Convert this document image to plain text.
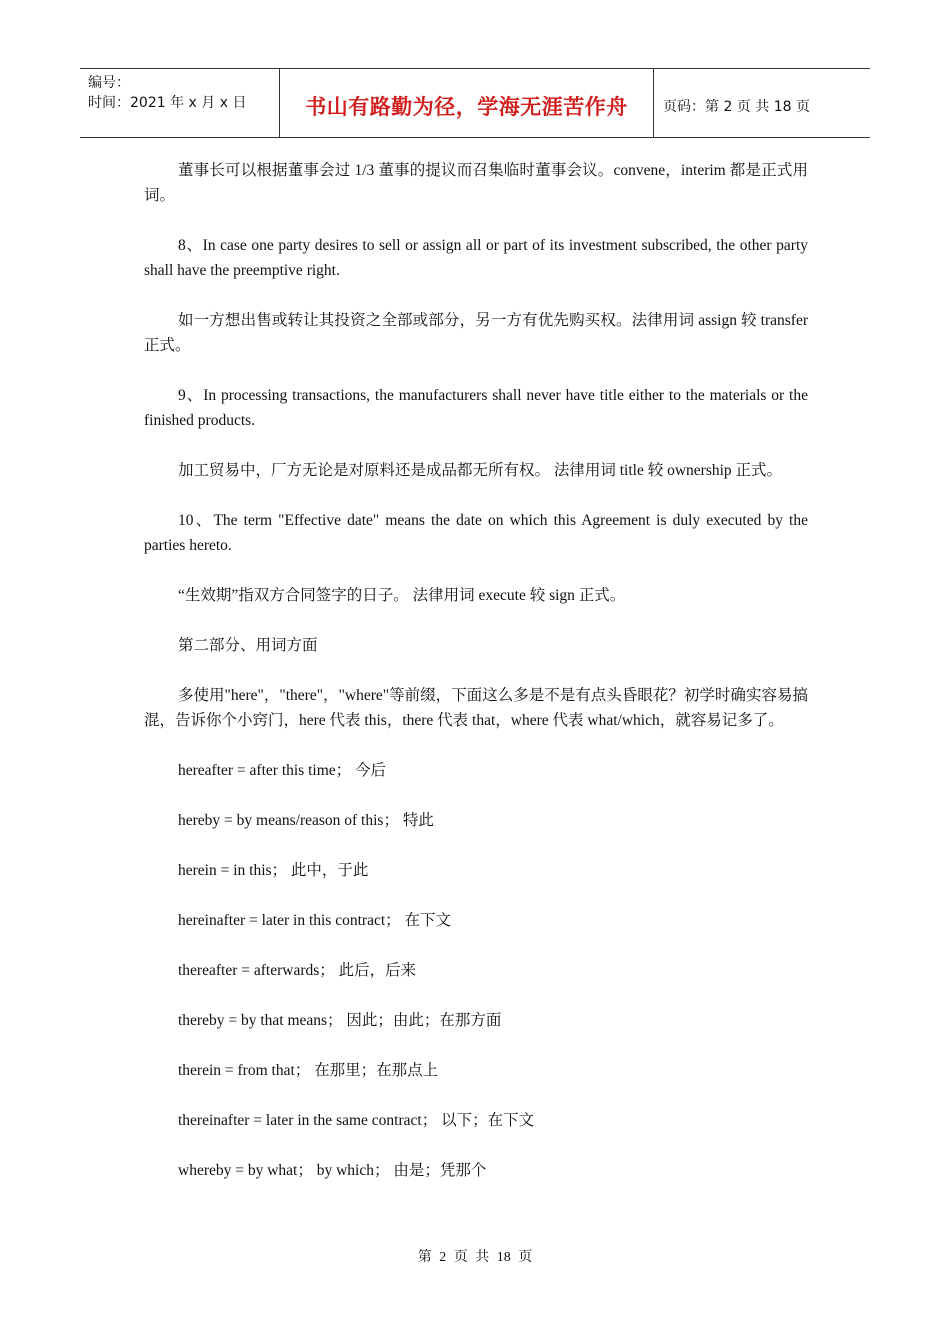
编号：
时间：2021 年 x 月 x 日	书山有路勤为径，学海无涯苦作舟	页码：第 2 页 共 18 页

董事长可以根据董事会过 1/3 董事的提议而召集临时董事会议。convene，interim 都是正式用词。

8、In case one party desires to sell or assign all or part of its investment subscribed, the other party shall have the preemptive right.

如一方想出售或转让其投资之全部或部分，另一方有优先购买权。法律用词 assign 较 transfer 正式。

9、In processing transactions, the manufacturers shall never have title either to the materials or the finished products.

加工贸易中，厂方无论是对原料还是成品都无所有权。 法律用词 title 较 ownership 正式。

10、The term "Effective date" means the date on which this Agreement is duly executed by the parties hereto.

“生效期”指双方合同签字的日子。 法律用词 execute 较 sign 正式。

第二部分、用词方面

多使用"here"，"there"，"where"等前缀，下面这么多是不是有点头昏眼花？初学时确实容易搞混，告诉你个小窍门，here 代表 this，there 代表 that，where 代表 what/which，就容易记多了。

hereafter = after this time； 今后

hereby = by means/reason of this； 特此

herein = in this； 此中，于此

hereinafter = later in this contract； 在下文

thereafter = afterwards； 此后，后来

thereby = by that means； 因此；由此；在那方面

therein = from that； 在那里；在那点上

thereinafter = later in the same contract； 以下；在下文

whereby = by what； by which； 由是；凭那个

第 2 页 共 18 页
